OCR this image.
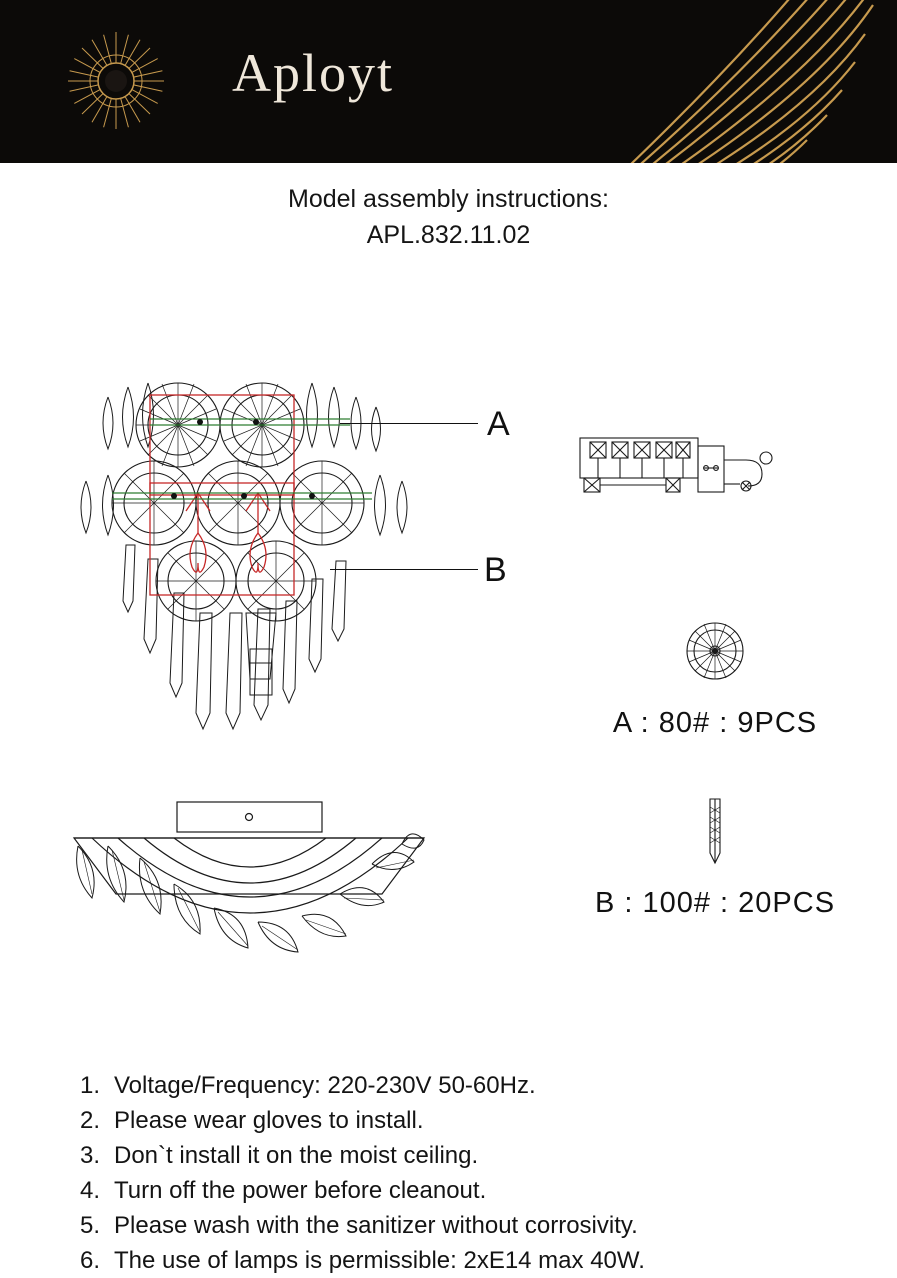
Aployt
Model assembly instructions:
APL.832.11.02
A
B
A : 80# : 9PCS
B : 100# : 20PCS
1. Voltage/Frequency: 220-230V 50-60Hz.
2. Please wear gloves to install.
3. Don`t install it on the moist ceiling.
4. Turn off the power before cleanout.
5. Please wash with the sanitizer without corrosivity.
6. The use of lamps is permissible: 2xE14 max 40W.
